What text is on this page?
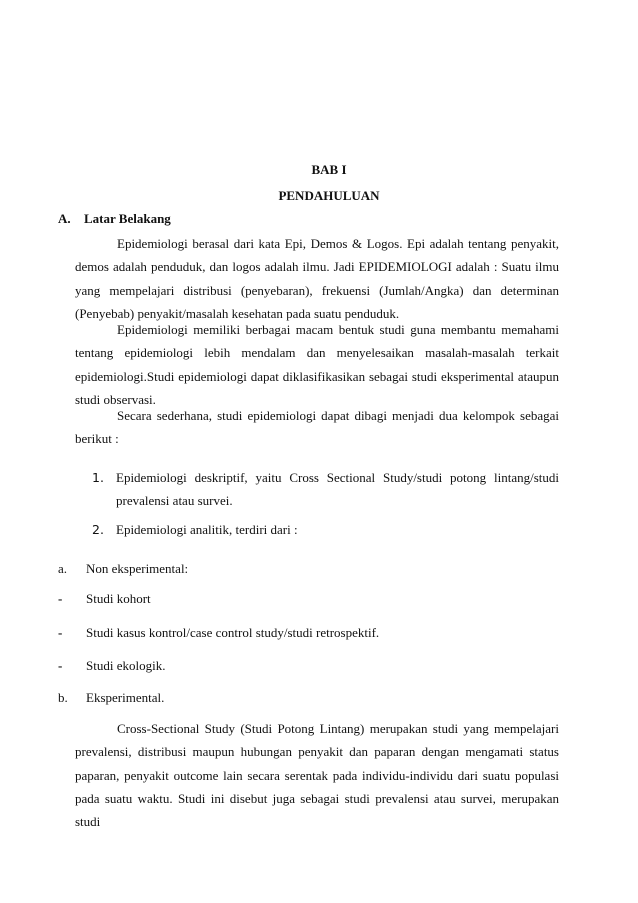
BAB I
PENDAHULUAN
A. Latar Belakang

Epidemiologi berasal dari kata Epi, Demos & Logos. Epi adalah tentang penyakit, demos adalah penduduk, dan logos adalah ilmu. Jadi EPIDEMIOLOGI adalah : Suatu ilmu yang mempelajari distribusi (penyebaran), frekuensi (Jumlah/Angka) dan determinan (Penyebab) penyakit/masalah kesehatan pada suatu penduduk.

Epidemiologi memiliki berbagai macam bentuk studi guna membantu memahami tentang epidemiologi lebih mendalam dan menyelesaikan masalah-masalah terkait epidemiologi.Studi epidemiologi dapat diklasifikasikan sebagai studi eksperimental ataupun studi observasi.

Secara sederhana, studi epidemiologi dapat dibagi menjadi dua kelompok sebagai berikut :

1. Epidemiologi deskriptif, yaitu Cross Sectional Study/studi potong lintang/studi prevalensi atau survei.
2. Epidemiologi analitik, terdiri dari :
a. Non eksperimental:
- Studi kohort
- Studi kasus kontrol/case control study/studi retrospektif.
- Studi ekologik.
b. Eksperimental.

Cross-Sectional Study (Studi Potong Lintang) merupakan studi yang mempelajari prevalensi, distribusi maupun hubungan penyakit dan paparan dengan mengamati status paparan, penyakit outcome lain secara serentak pada individu-individu dari suatu populasi pada suatu waktu. Studi ini disebut juga sebagai studi prevalensi atau survei, merupakan studi
